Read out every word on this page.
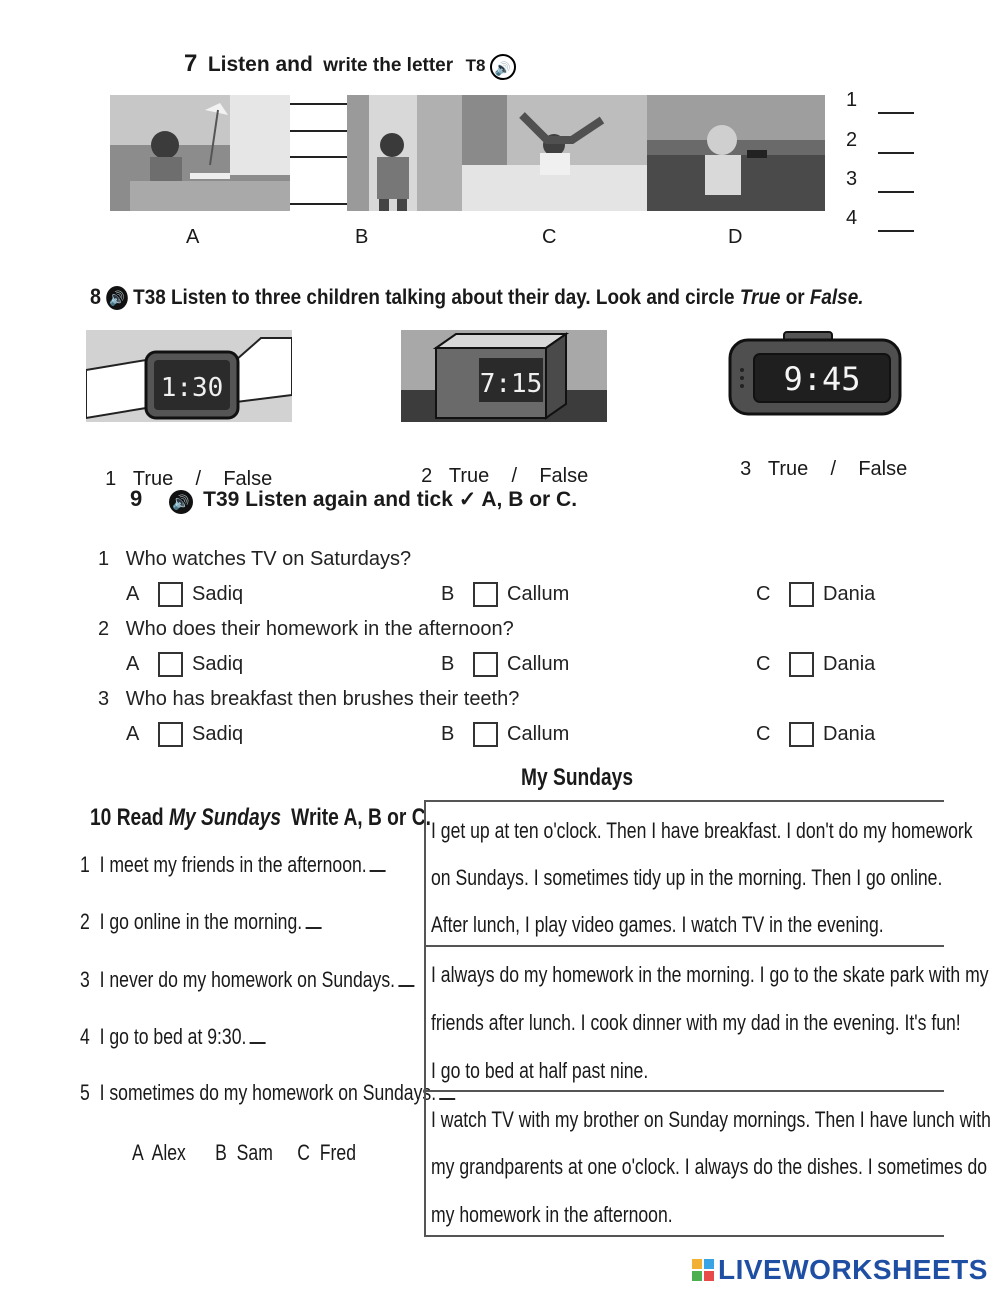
7 Listen and write the letter T8 🔊
A	B	C	D
1
2
3
4
8 🔊 T38 Listen to three children talking about their day. Look and circle True or False.
1:30	7:15	9:45

1 True    /    False	2 True    /    False	3 True    /    False

9 🔊 T39 Listen again and tick ✓ A, B or C.
1 Who watches TV on Saturdays?
A	Sadiq	B	Callum	C	Dania
2 Who does their homework in the afternoon?
A	Sadiq	B	Callum	C	Dania
3 Who has breakfast then brushes their teeth?
A	Sadiq	B	Callum	C	Dania
My Sundays
10 Read My Sundays Write A, B or C.
1 I meet my friends in the afternoon.
2 I go online in the morning.
3 I never do my homework on Sundays.
4 I go to bed at 9:30.
5 I sometimes do my homework on Sundays.
A  Alex      B  Sam     C  Fred
I get up at ten o'clock. Then I have breakfast. I don't do my homework
on Sundays. I sometimes tidy up in the morning. Then I go online.
After lunch, I play video games. I watch TV in the evening.
I always do my homework in the morning. I go to the skate park with my
friends after lunch. I cook dinner with my dad in the evening. It's fun!
I go to bed at half past nine.
I watch TV with my brother on Sunday mornings. Then I have lunch with
my grandparents at one o'clock. I always do the dishes. I sometimes do
my homework in the afternoon.
LIVEWORKSHEETS
